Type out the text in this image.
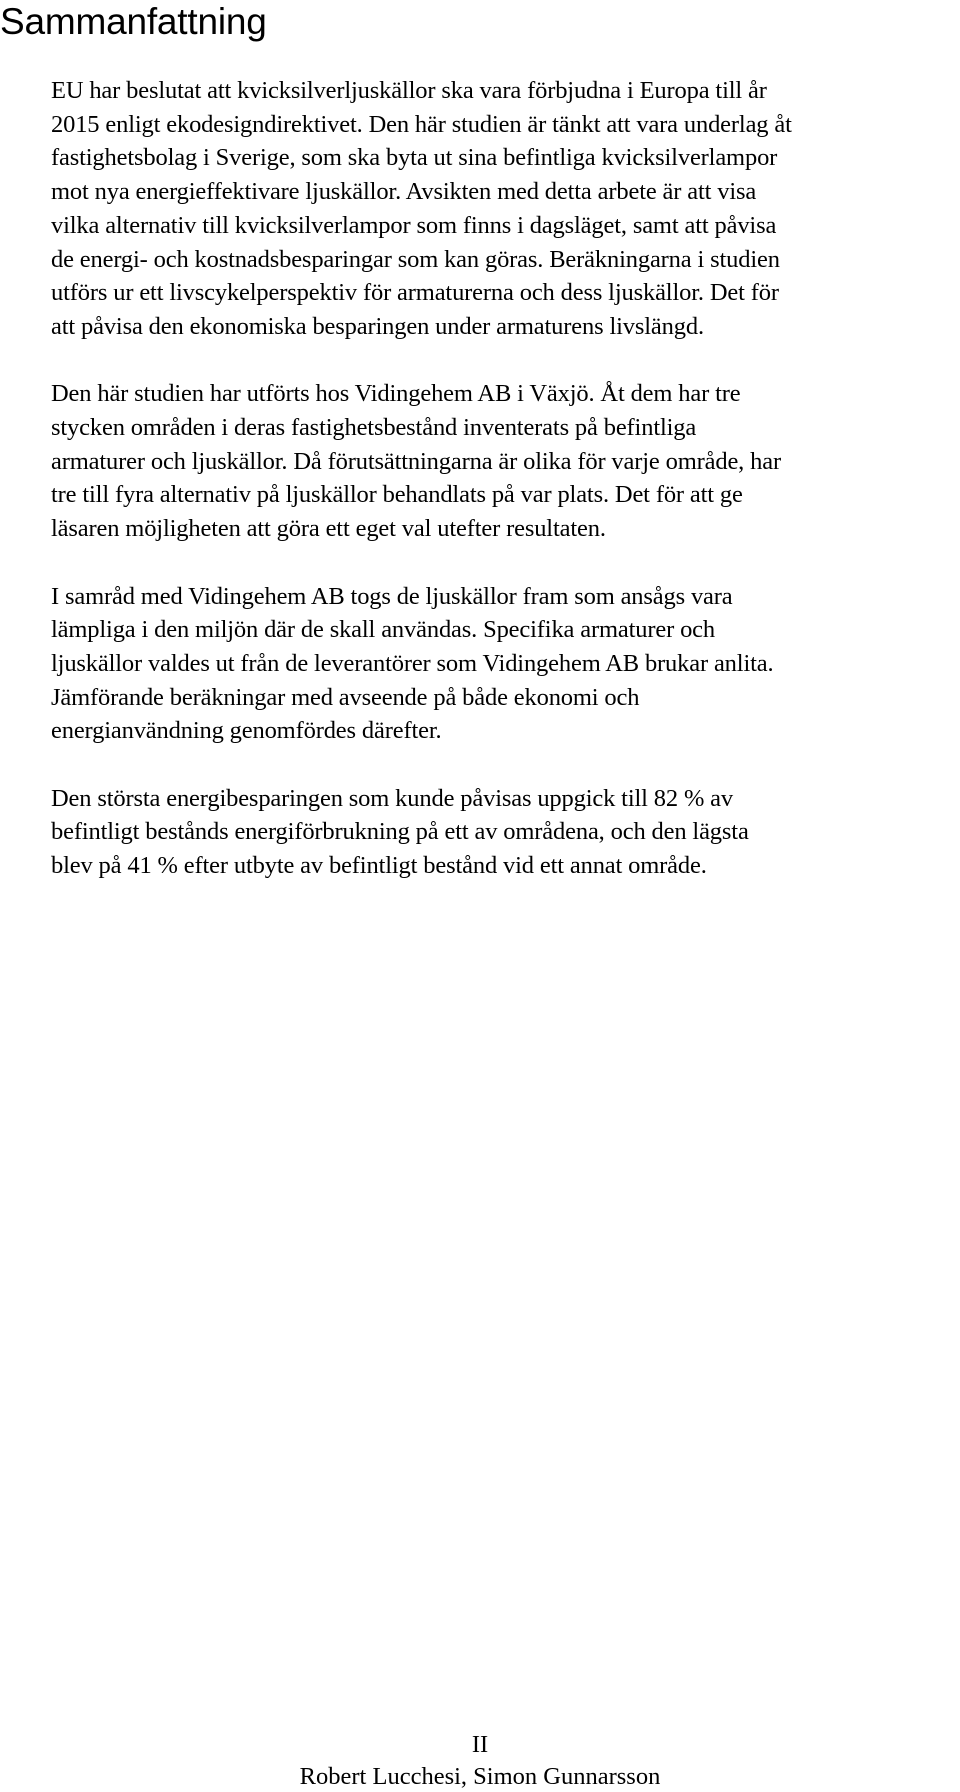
Sammanfattning

EU har beslutat att kvicksilverljuskällor ska vara förbjudna i Europa till år
2015 enligt ekodesigndirektivet. Den här studien är tänkt att vara underlag åt
fastighetsbolag i Sverige, som ska byta ut sina befintliga kvicksilverlampor
mot nya energieffektivare ljuskällor. Avsikten med detta arbete är att visa
vilka alternativ till kvicksilverlampor som finns i dagsläget, samt att påvisa
de energi- och kostnadsbesparingar som kan göras. Beräkningarna i studien
utförs ur ett livscykelperspektiv för armaturerna och dess ljuskällor. Det för
att påvisa den ekonomiska besparingen under armaturens livslängd.

Den här studien har utförts hos Vidingehem AB i Växjö. Åt dem har tre
stycken områden i deras fastighetsbestånd inventerats på befintliga
armaturer och ljuskällor. Då förutsättningarna är olika för varje område, har
tre till fyra alternativ på ljuskällor behandlats på var plats. Det för att ge
läsaren möjligheten att göra ett eget val utefter resultaten.

I samråd med Vidingehem AB togs de ljuskällor fram som ansågs vara
lämpliga i den miljön där de skall användas. Specifika armaturer och
ljuskällor valdes ut från de leverantörer som Vidingehem AB brukar anlita.
Jämförande beräkningar med avseende på både ekonomi och
energianvändning genomfördes därefter.

Den största energibesparingen som kunde påvisas uppgick till 82 % av
befintligt bestånds energiförbrukning på ett av områdena, och den lägsta
blev på 41 % efter utbyte av befintligt bestånd vid ett annat område.

II
Robert Lucchesi, Simon Gunnarsson
